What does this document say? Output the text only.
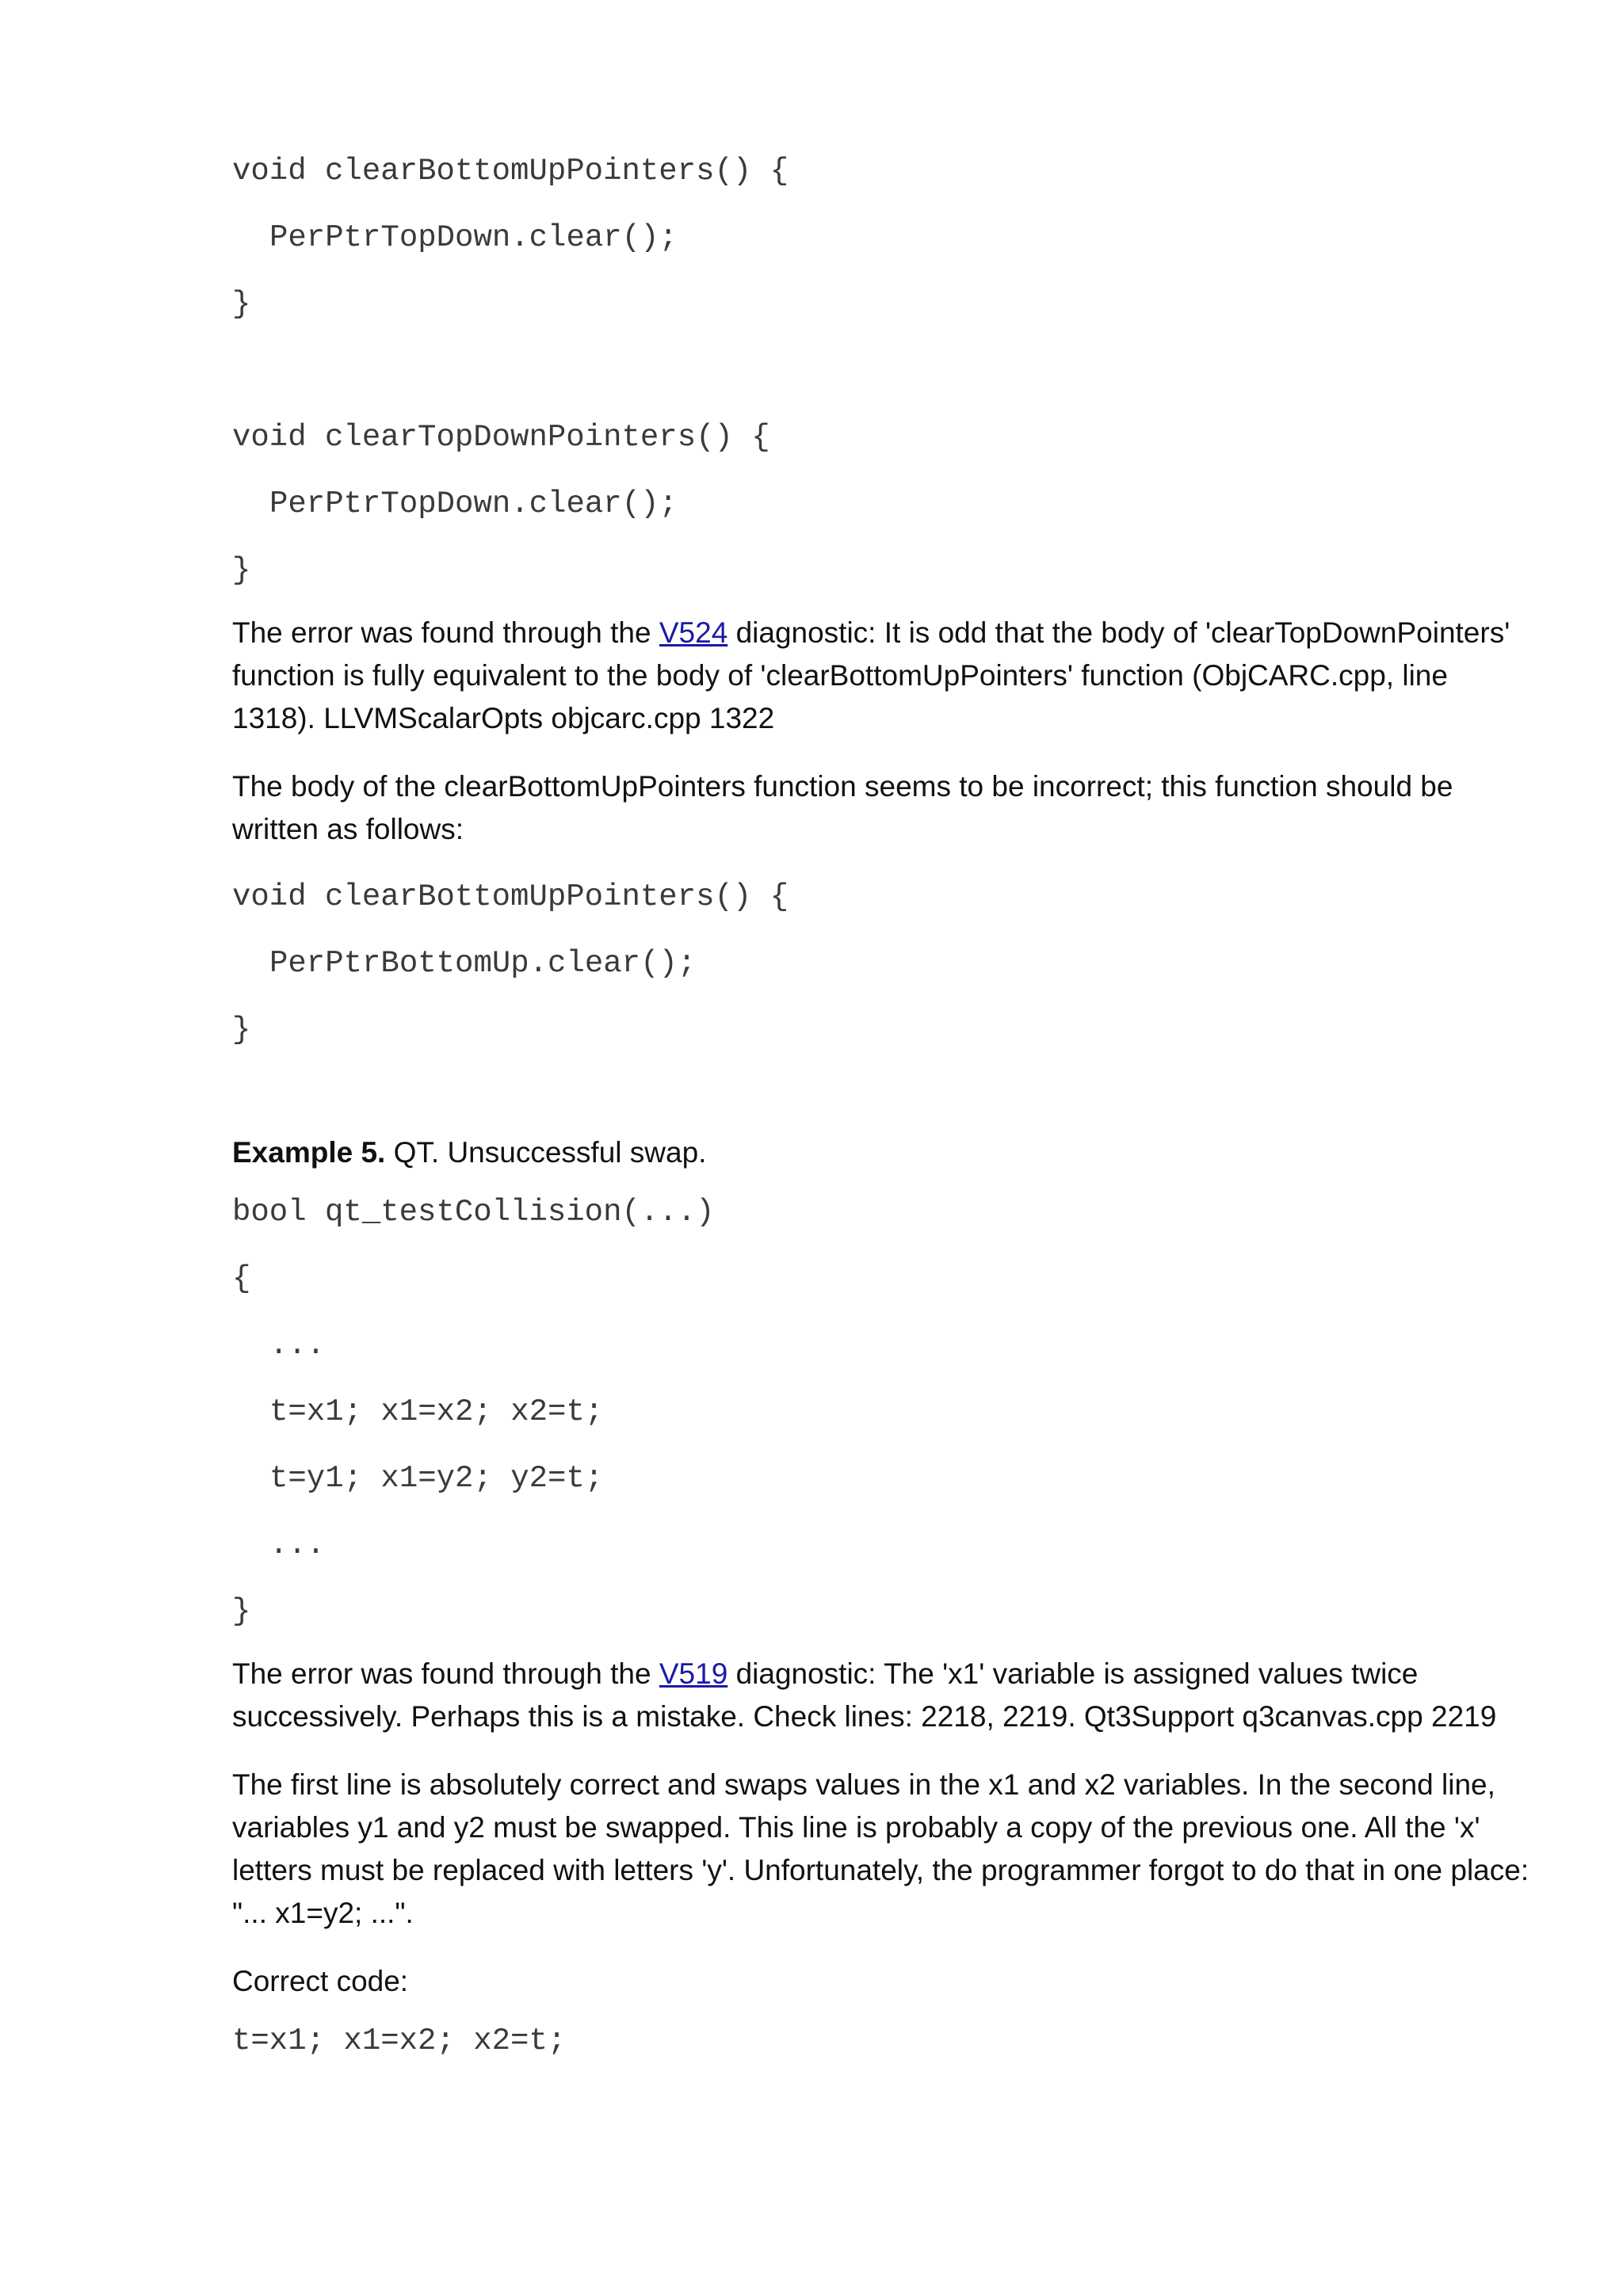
void clearBottomUpPointers() {
PerPtrTopDown.clear();
}
void clearTopDownPointers() {
PerPtrTopDown.clear();
}

The error was found through the V524 diagnostic: It is odd that the body of 'clearTopDownPointers' function is fully equivalent to the body of 'clearBottomUpPointers' function (ObjCARC.cpp, line 1318). LLVMScalarOpts objcarc.cpp 1322

The body of the clearBottomUpPointers function seems to be incorrect; this function should be written as follows:

void clearBottomUpPointers() {
PerPtrBottomUp.clear();
}

Example 5. QT. Unsuccessful swap.

bool qt_testCollision(...)
{
...
t=x1; x1=x2; x2=t;
t=y1; x1=y2; y2=t;
...
}

The error was found through the V519 diagnostic: The 'x1' variable is assigned values twice successively. Perhaps this is a mistake. Check lines: 2218, 2219. Qt3Support q3canvas.cpp 2219

The first line is absolutely correct and swaps values in the x1 and x2 variables. In the second line, variables y1 and y2 must be swapped. This line is probably a copy of the previous one. All the 'x' letters must be replaced with letters 'y'. Unfortunately, the programmer forgot to do that in one place: "... x1=y2; ...".

Correct code:

t=x1; x1=x2; x2=t;
